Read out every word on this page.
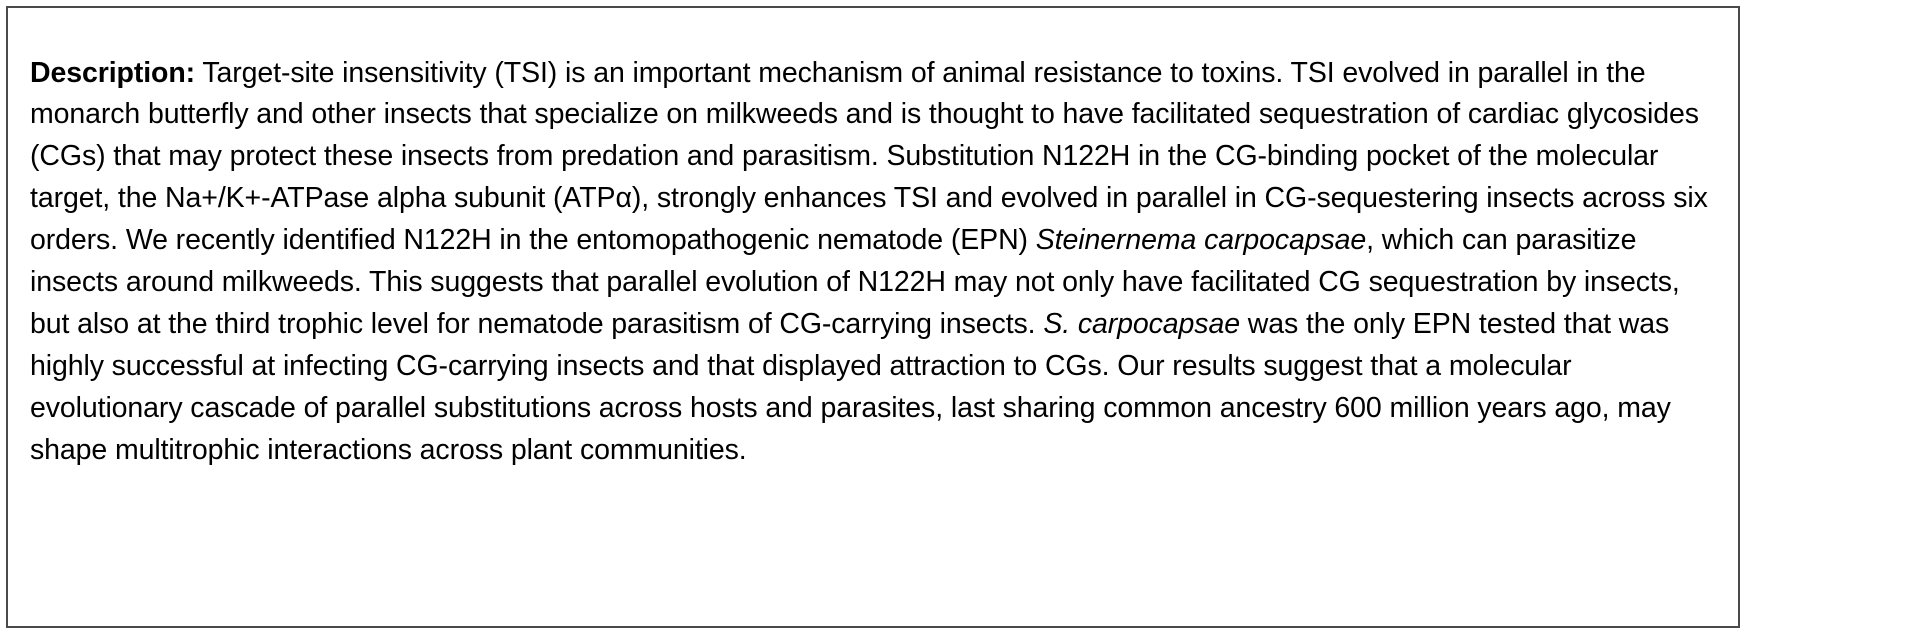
Description: Target-site insensitivity (TSI) is an important mechanism of animal resistance to toxins. TSI evolved in parallel in the monarch butterfly and other insects that specialize on milkweeds and is thought to have facilitated sequestration of cardiac glycosides (CGs) that may protect these insects from predation and parasitism. Substitution N122H in the CG-binding pocket of the molecular target, the Na+/K+-ATPase alpha subunit (ATPα), strongly enhances TSI and evolved in parallel in CG-sequestering insects across six orders. We recently identified N122H in the entomopathogenic nematode (EPN) Steinernema carpocapsae, which can parasitize insects around milkweeds. This suggests that parallel evolution of N122H may not only have facilitated CG sequestration by insects, but also at the third trophic level for nematode parasitism of CG-carrying insects. S. carpocapsae was the only EPN tested that was highly successful at infecting CG-carrying insects and that displayed attraction to CGs. Our results suggest that a molecular evolutionary cascade of parallel substitutions across hosts and parasites, last sharing common ancestry 600 million years ago, may shape multitrophic interactions across plant communities.
